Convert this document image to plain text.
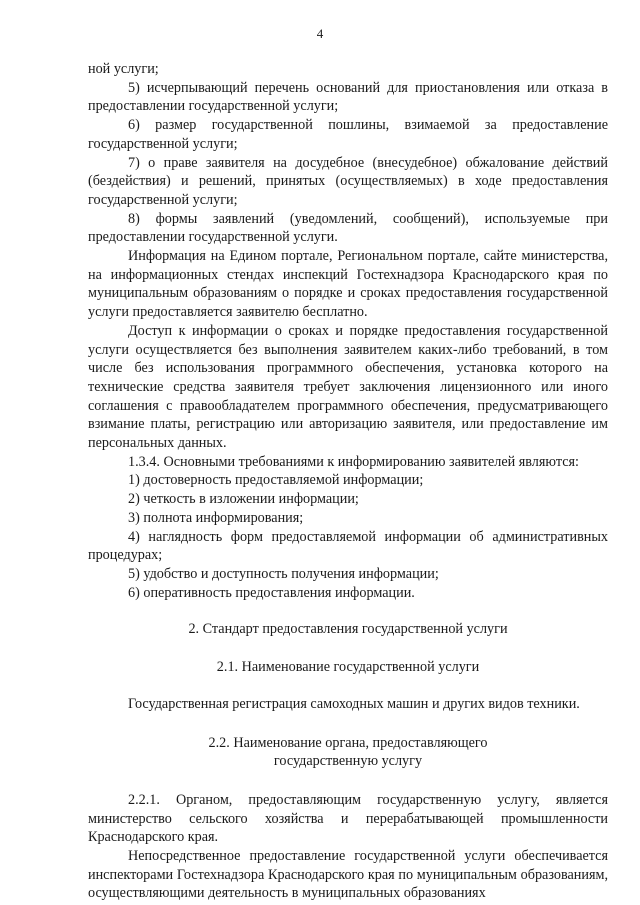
4

ной услуги;

5) исчерпывающий перечень оснований для приостановления или отказа в предоставлении государственной услуги;

6) размер государственной пошлины, взимаемой за предоставление государственной услуги;

7) о праве заявителя на досудебное (внесудебное) обжалование действий (бездействия) и решений, принятых (осуществляемых) в ходе предоставления государственной услуги;

8) формы заявлений (уведомлений, сообщений), используемые при предоставлении государственной услуги.

Информация на Едином портале, Региональном портале, сайте министерства, на информационных стендах инспекций Гостехнадзора Краснодарского края по муниципальным образованиям о порядке и сроках предоставления государственной услуги предоставляется заявителю бесплатно.

Доступ к информации о сроках и порядке предоставления государственной услуги осуществляется без выполнения заявителем каких-либо требований, в том числе без использования программного обеспечения, установка которого на технические средства заявителя требует заключения лицензионного или иного соглашения с правообладателем программного обеспечения, предусматривающего взимание платы, регистрацию или авторизацию заявителя, или предоставление им персональных данных.

1.3.4. Основными требованиями к информированию заявителей являются:

1) достоверность предоставляемой информации;

2) четкость в изложении информации;

3) полнота информирования;

4) наглядность форм предоставляемой информации об административных процедурах;

5) удобство и доступность получения информации;

6) оперативность предоставления информации.

2. Стандарт предоставления государственной услуги

2.1. Наименование государственной услуги

Государственная регистрация самоходных машин и других видов техники.

2.2. Наименование органа, предоставляющего

государственную услугу

2.2.1. Органом, предоставляющим государственную услугу, является министерство сельского хозяйства и перерабатывающей промышленности Краснодарского края.

Непосредственное предоставление государственной услуги обеспечивается инспекторами Гостехнадзора Краснодарского края по муниципальным образованиям, осуществляющими деятельность в муниципальных образованиях
